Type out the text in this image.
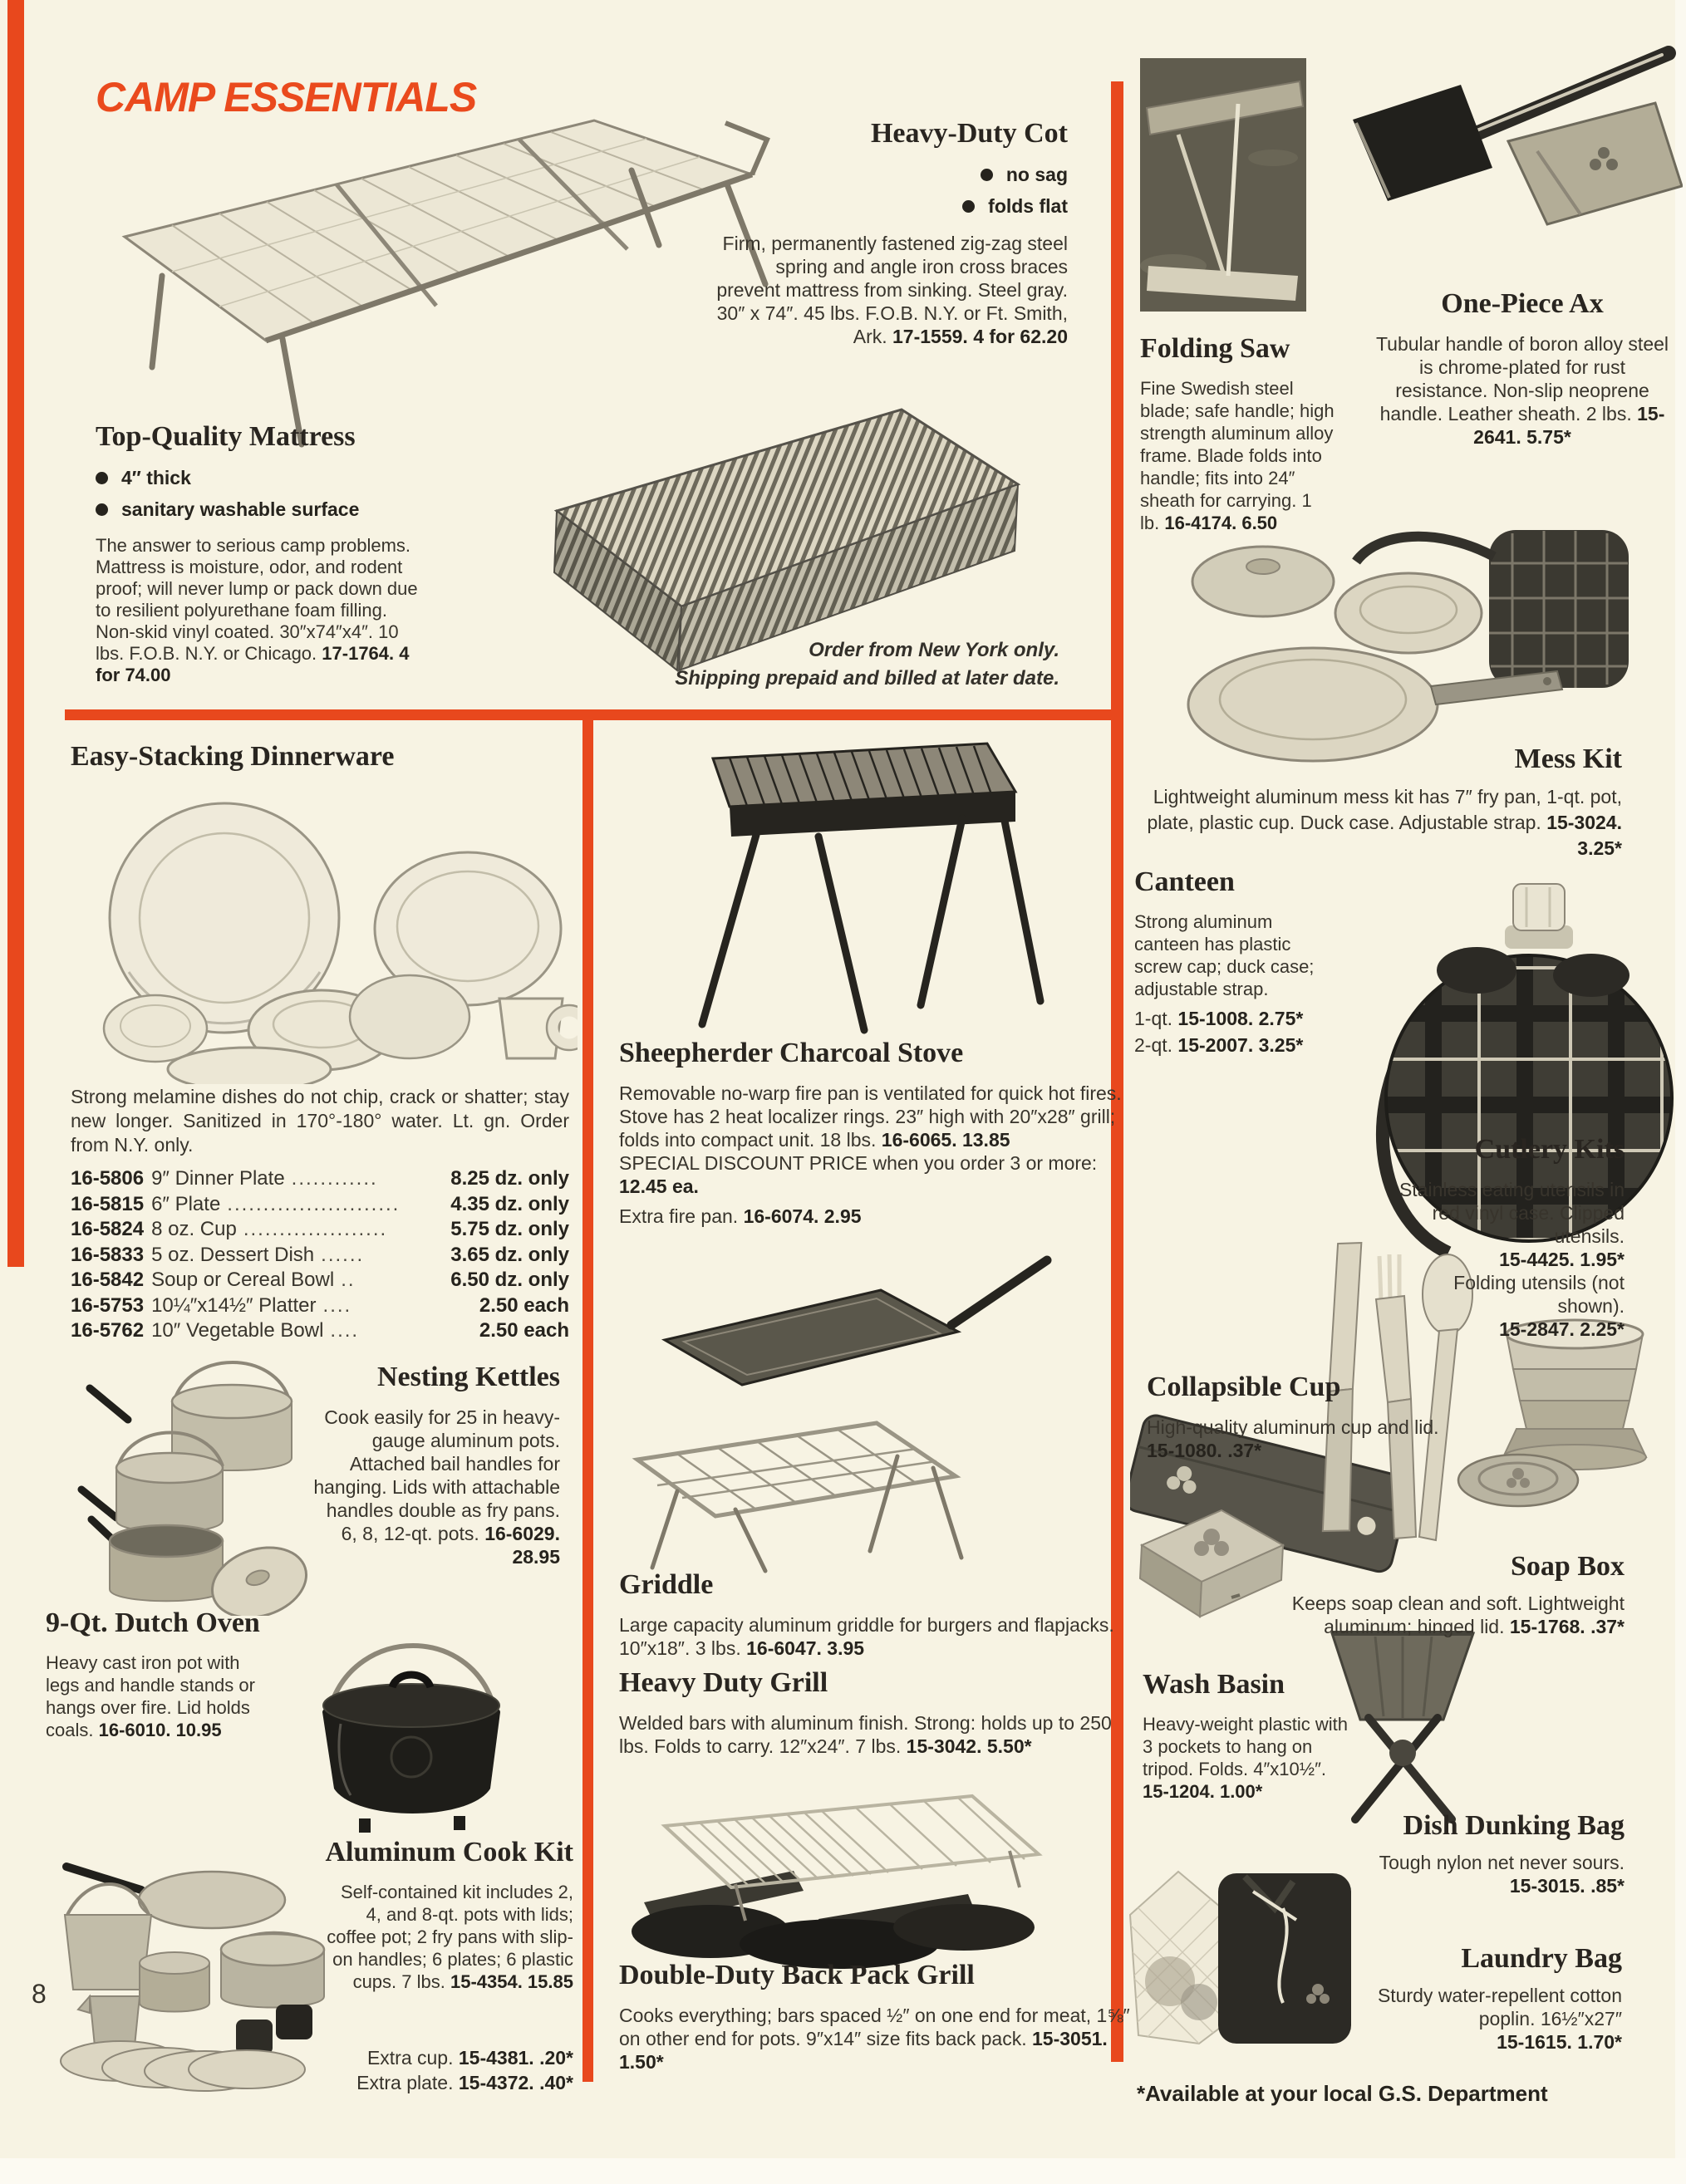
CAMP ESSENTIALS
Heavy-Duty Cot
no sag
folds flat

Firm, permanently fastened zig-zag steel spring and angle iron cross braces prevent mattress from sinking. Steel gray. 30″ x 74″. 45 lbs. F.O.B. N.Y. or Ft. Smith, Ark. 17-1559. 4 for 62.20

Top-Quality Mattress
4″ thick
sanitary washable surface

The answer to serious camp problems. Mattress is moisture, odor, and rodent proof; will never lump or pack down due to resilient polyurethane foam filling. Non-skid vinyl coated. 30″x74″x4″. 10 lbs. F.O.B. N.Y. or Chicago. 17-1764. 4 for 74.00

Order from New York only.
Shipping prepaid and billed at later date.
Folding Saw

Fine Swedish steel blade; safe handle; high strength aluminum alloy frame. Blade folds into handle; fits into 24″ sheath for carrying. 1 lb. 16-4174. 6.50

One-Piece Ax

Tubular handle of boron alloy steel is chrome-plated for rust resistance. Non-slip neoprene handle. Leather sheath. 2 lbs. 15-2641. 5.75*

Mess Kit

Lightweight aluminum mess kit has 7″ fry pan, 1-qt. pot, plate, plastic cup. Duck case. Adjustable strap. 15-3024. 3.25*

Canteen

Strong aluminum canteen has plastic screw cap; duck case; adjustable strap.

1-qt. 15-1008. 2.75*
2-qt. 15-2007. 3.25*
Cutlery Kits

Stainless eating utensils in red vinyl case. Clipped utensils.

15-4425. 1.95*

Folding utensils (not shown).

15-2847. 2.25*

Collapsible Cup

High-quality aluminum cup and lid. 15-1080. .37*

Soap Box

Keeps soap clean and soft. Lightweight aluminum; hinged lid. 15-1768. .37*

Wash Basin

Heavy-weight plastic with 3 pockets to hang on tripod. Folds. 4″x10½″.

15-1204. 1.00*

Dish Dunking Bag

Tough nylon net never sours.

15-3015. .85*

Laundry Bag

Sturdy water-repellent cotton poplin. 16½″x27″

15-1615. 1.70*

Easy-Stacking Dinnerware

Strong melamine dishes do not chip, crack or shatter; stay new longer. Sanitized in 170°-180° water. Lt. gn. Order from N.Y. only.

16-5806 9″ Dinner Plate ............	8.25 dz. only
16-5815 6″ Plate ........................	4.35 dz. only
16-5824 8 oz. Cup ....................	5.75 dz. only
16-5833 5 oz. Dessert Dish ......	3.65 dz. only
16-5842 Soup or Cereal Bowl ..	6.50 dz. only
16-5753 10¼″x14½″ Platter ....	2.50 each
16-5762 10″ Vegetable Bowl ....	2.50 each
Nesting Kettles

Cook easily for 25 in heavy-gauge aluminum pots. Attached bail handles for hanging. Lids with attachable handles double as fry pans. 6, 8, 12-qt. pots. 16-6029. 28.95

9-Qt. Dutch Oven

Heavy cast iron pot with legs and handle stands or hangs over fire. Lid holds coals. 16-6010. 10.95

Aluminum Cook Kit

Self-contained kit includes 2, 4, and 8-qt. pots with lids; coffee pot; 2 fry pans with slip-on handles; 6 plates; 6 plastic cups. 7 lbs. 15-4354. 15.85

Extra cup. 15-4381. .20*
Extra plate. 15-4372. .40*
Sheepherder Charcoal Stove

Removable no-warp fire pan is ventilated for quick hot fires. Stove has 2 heat localizer rings. 23″ high with 20″x28″ grill; folds into compact unit. 18 lbs. 16-6065. 13.85

SPECIAL DISCOUNT PRICE when you order 3 or more: 12.45 ea.

Extra fire pan. 16-6074. 2.95

Griddle

Large capacity aluminum griddle for burgers and flapjacks. 10″x18″. 3 lbs. 16-6047. 3.95

Heavy Duty Grill

Welded bars with aluminum finish. Strong: holds up to 250 lbs. Folds to carry. 12″x24″. 7 lbs. 15-3042. 5.50*

Double-Duty Back Pack Grill

Cooks everything; bars spaced ½″ on one end for meat, 1⅝″ on other end for pots. 9″x14″ size fits back pack. 15-3051. 1.50*

*Available at your local G.S. Department
8
